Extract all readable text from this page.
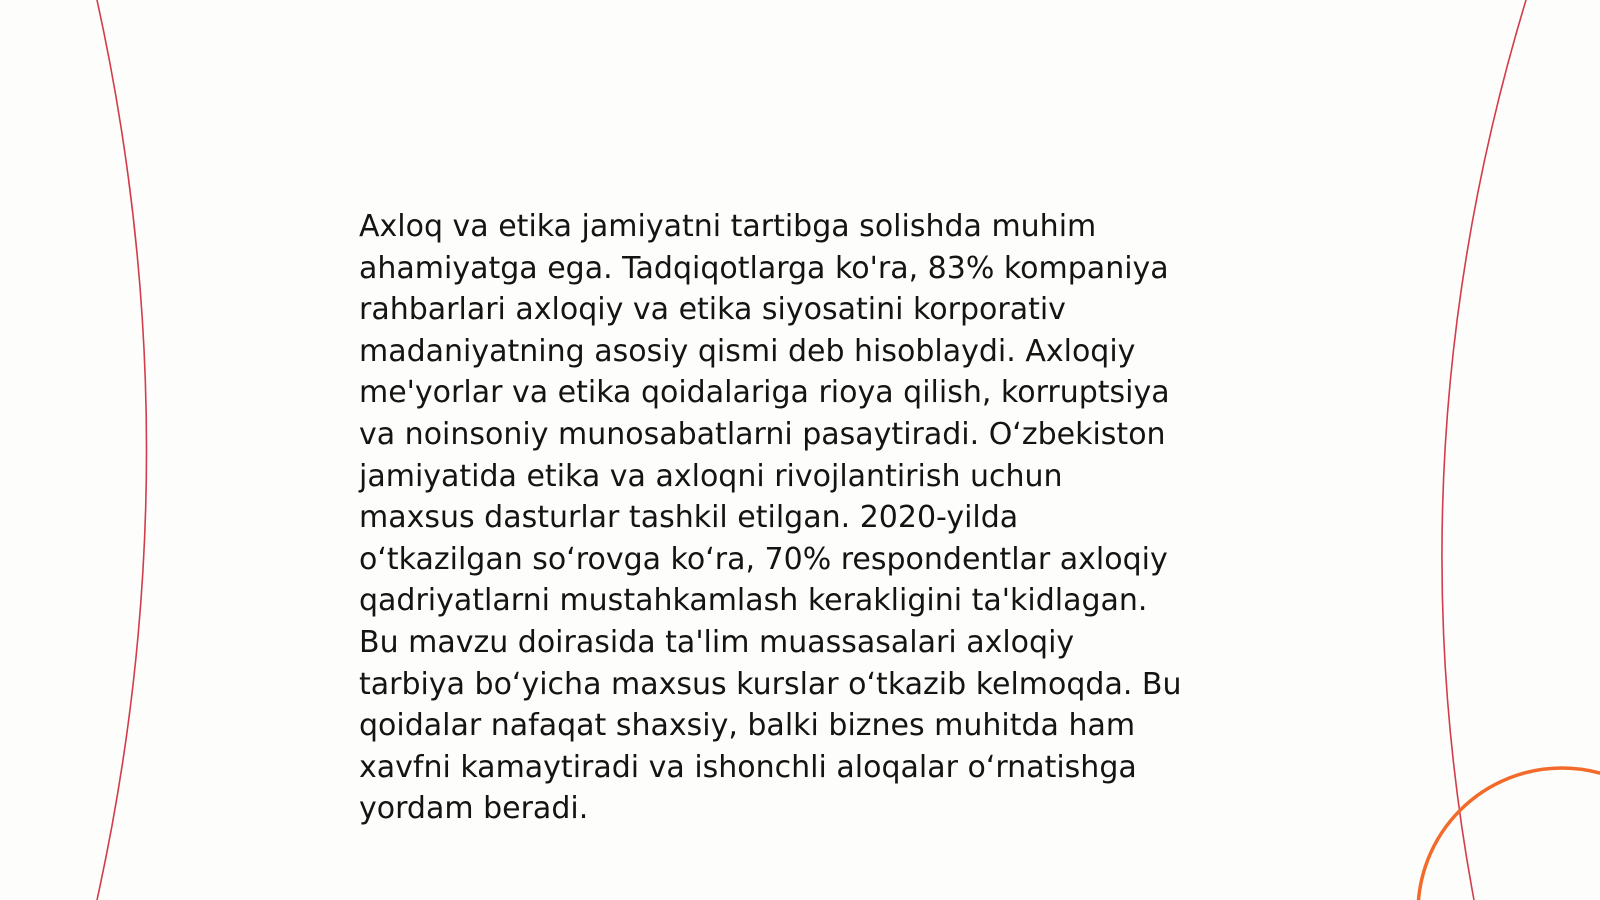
Axloq va etika jamiyatni tartibga solishda muhim
ahamiyatga ega. Tadqiqotlarga ko'ra, 83% kompaniya
rahbarlari axloqiy va etika siyosatini korporativ
madaniyatning asosiy qismi deb hisoblaydi. Axloqiy
me'yorlar va etika qoidalariga rioya qilish, korruptsiya
va noinsoniy munosabatlarni pasaytiradi. O‘zbekiston
jamiyatida etika va axloqni rivojlantirish uchun
maxsus dasturlar tashkil etilgan. 2020-yilda
o‘tkazilgan so‘rovga ko‘ra, 70% respondentlar axloqiy
qadriyatlarni mustahkamlash kerakligini ta'kidlagan.
Bu mavzu doirasida ta'lim muassasalari axloqiy
tarbiya bo‘yicha maxsus kurslar o‘tkazib kelmoqda. Bu
qoidalar nafaqat shaxsiy, balki biznes muhitda ham
xavfni kamaytiradi va ishonchli aloqalar o‘rnatishga
yordam beradi.
